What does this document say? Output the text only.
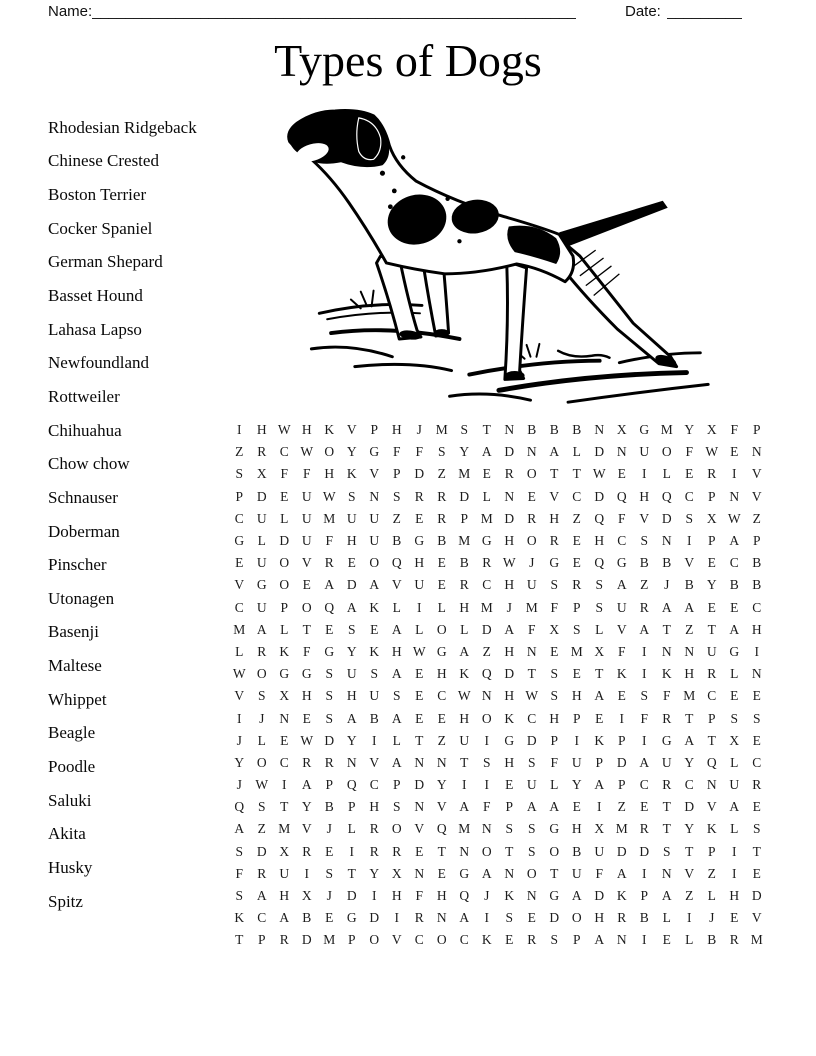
Name: __________________________________________________________	Date: _________
Types of Dogs
Rhodesian Ridgeback
Chinese Crested
Boston Terrier
Cocker Spaniel
German Shepard
Basset Hound
Lahasa Lapso
Newfoundland
Rottweiler
Chihuahua
Chow chow
Schnauser
Doberman
Pinscher
Utonagen
Basenji
Maltese
Whippet
Beagle
Poodle
Saluki
Akita
Husky
Spitz
I	H W H K V	P	H	J	M S	T	N B B B N X G M Y X	F	P
Z	R C W O Y G	F	F	S	Y A D N A	L	D N U O	F W E	N
S	X	F	F	H K V	P	D	Z M E	R O	T	T W E	I	L	E	R	I	V
P	D	E	U W S	N	S	R R D	L	N	E	V C D Q H Q C	P	N V
C U	L	U M U U	Z	E	R	P M D R H	Z	Q	F	V D	S	X W Z
G	L	D U	F	H U B G B M G H O R	E	H C	S	N	I	P	A	P
E	U O V R	E	O Q H	E	B R W J	G	E	Q G B B V	E	C B
V G O	E	A D A V U	E	R C H U	S	R	S	A	Z	J	B Y B B
C U	P	O Q A K	L	I	L	H M	J	M F	P	S	U R A A	E	E	C
M A	L	T	E	S	E	A	L	O	L	D A	F	X	S	L	V A	T	Z	T	A H
L	R K	F	G Y K H W G A	Z	H N	E M X	F	I	N N U G	I
W O G G	S	U	S	A	E	H K Q D	T	S	E	T	K	I	K H R	L	N
V	S	X H	S	H U	S	E	C W N H W S	H A	E	S	F M C	E	E
I	J	N	E	S	A B A	E	E	H O K C H	P	E	I	F	R	T	P	S	S
J	L	E W D Y	I	L	T	Z	U	I	G D	P	I	K	P	I	G A	T	X	E
Y O C R R N V A N N	T	S	H	S	F	U	P	D A U Y Q	L	C
J	W	I	A	P	Q C	P	D Y	I	I	E	U	L	Y A	P	C R C N U R
Q	S	T	Y B	P	H	S	N V A	F	P	A A	E	I	Z	E	T	D V A	E
A	Z M V	J	L	R O V Q M N	S	S	G H X M R	T	Y K	L	S
S	D X R	E	I	R R	E	T	N O	T	S	O B U D D	S	T	P	I	T
F	R U	I	S	T	Y X N	E	G A N O	T	U	F	A	I	N V	Z	I	E
S	A H X	J	D	I	H	F	H Q	J	K N G A D K	P	A	Z	L	H D
K C A B	E	G D	I	R N A	I	S	E	D O H R B	L	I	J	E	V
T	P	R D M P	O V C O C K	E	R	S	P	A N	I	E	L	B R M
